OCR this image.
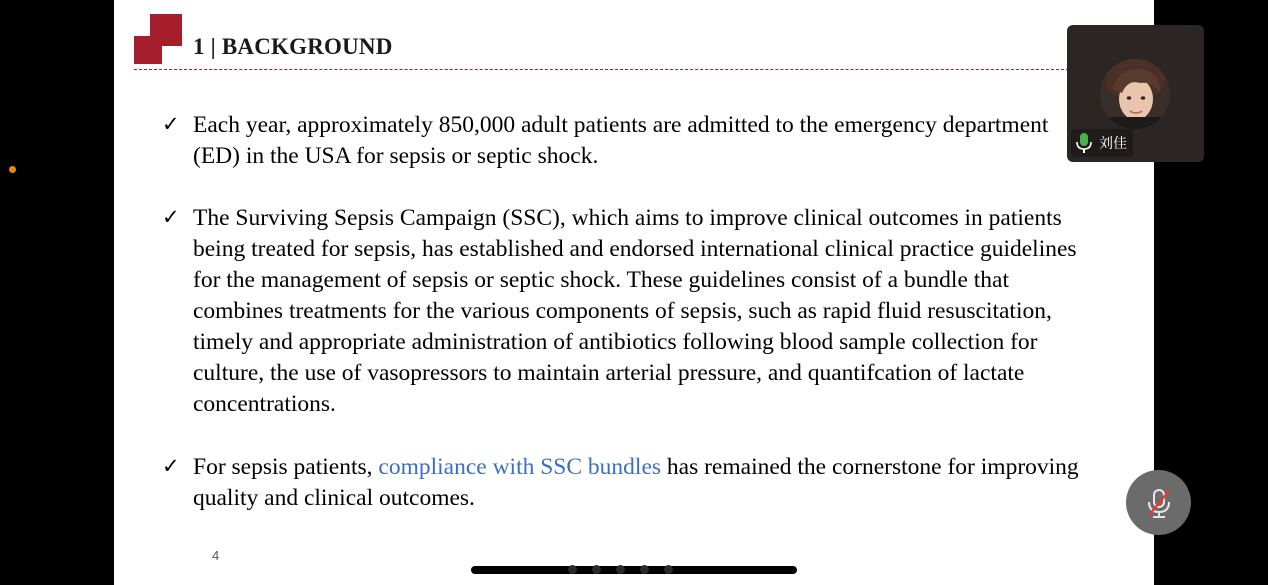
1 | BACKGROUND
✓ Each year, approximately 850,000 adult patients are admitted to the emergency department (ED) in the USA for sepsis or septic shock.
✓ The Surviving Sepsis Campaign (SSC), which aims to improve clinical outcomes in patients being treated for sepsis, has established and endorsed international clinical practice guidelines for the management of sepsis or septic shock. These guidelines consist of a bundle that combines treatments for the various components of sepsis, such as rapid fluid resuscitation, timely and appropriate administration of antibiotics following blood sample collection for culture, the use of vasopressors to maintain arterial pressure, and quantifcation of lactate concentrations.
✓ For sepsis patients, compliance with SSC bundles has remained the cornerstone for improving quality and clinical outcomes.
4
刘佳
